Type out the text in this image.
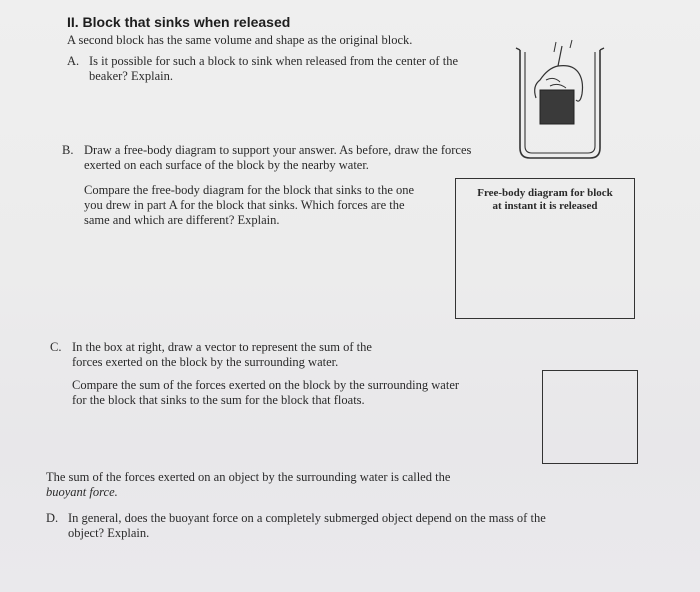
II. Block that sinks when released
A second block has the same volume and shape as the original block.
A. Is it possible for such a block to sink when released from the center of the
beaker? Explain.
B. Draw a free-body diagram to support your answer. As before, draw the forces
exerted on each surface of the block by the nearby water.
Compare the free-body diagram for the block that sinks to the one
you drew in part A for the block that sinks. Which forces are the
same and which are different? Explain.
Free-body diagram for block
at instant it is released
C. In the box at right, draw a vector to represent the sum of the
forces exerted on the block by the surrounding water.
Compare the sum of the forces exerted on the block by the surrounding water
for the block that sinks to the sum for the block that floats.
The sum of the forces exerted on an object by the surrounding water is called the
buoyant force.
D. In general, does the buoyant force on a completely submerged object depend on the mass of the
object? Explain.
